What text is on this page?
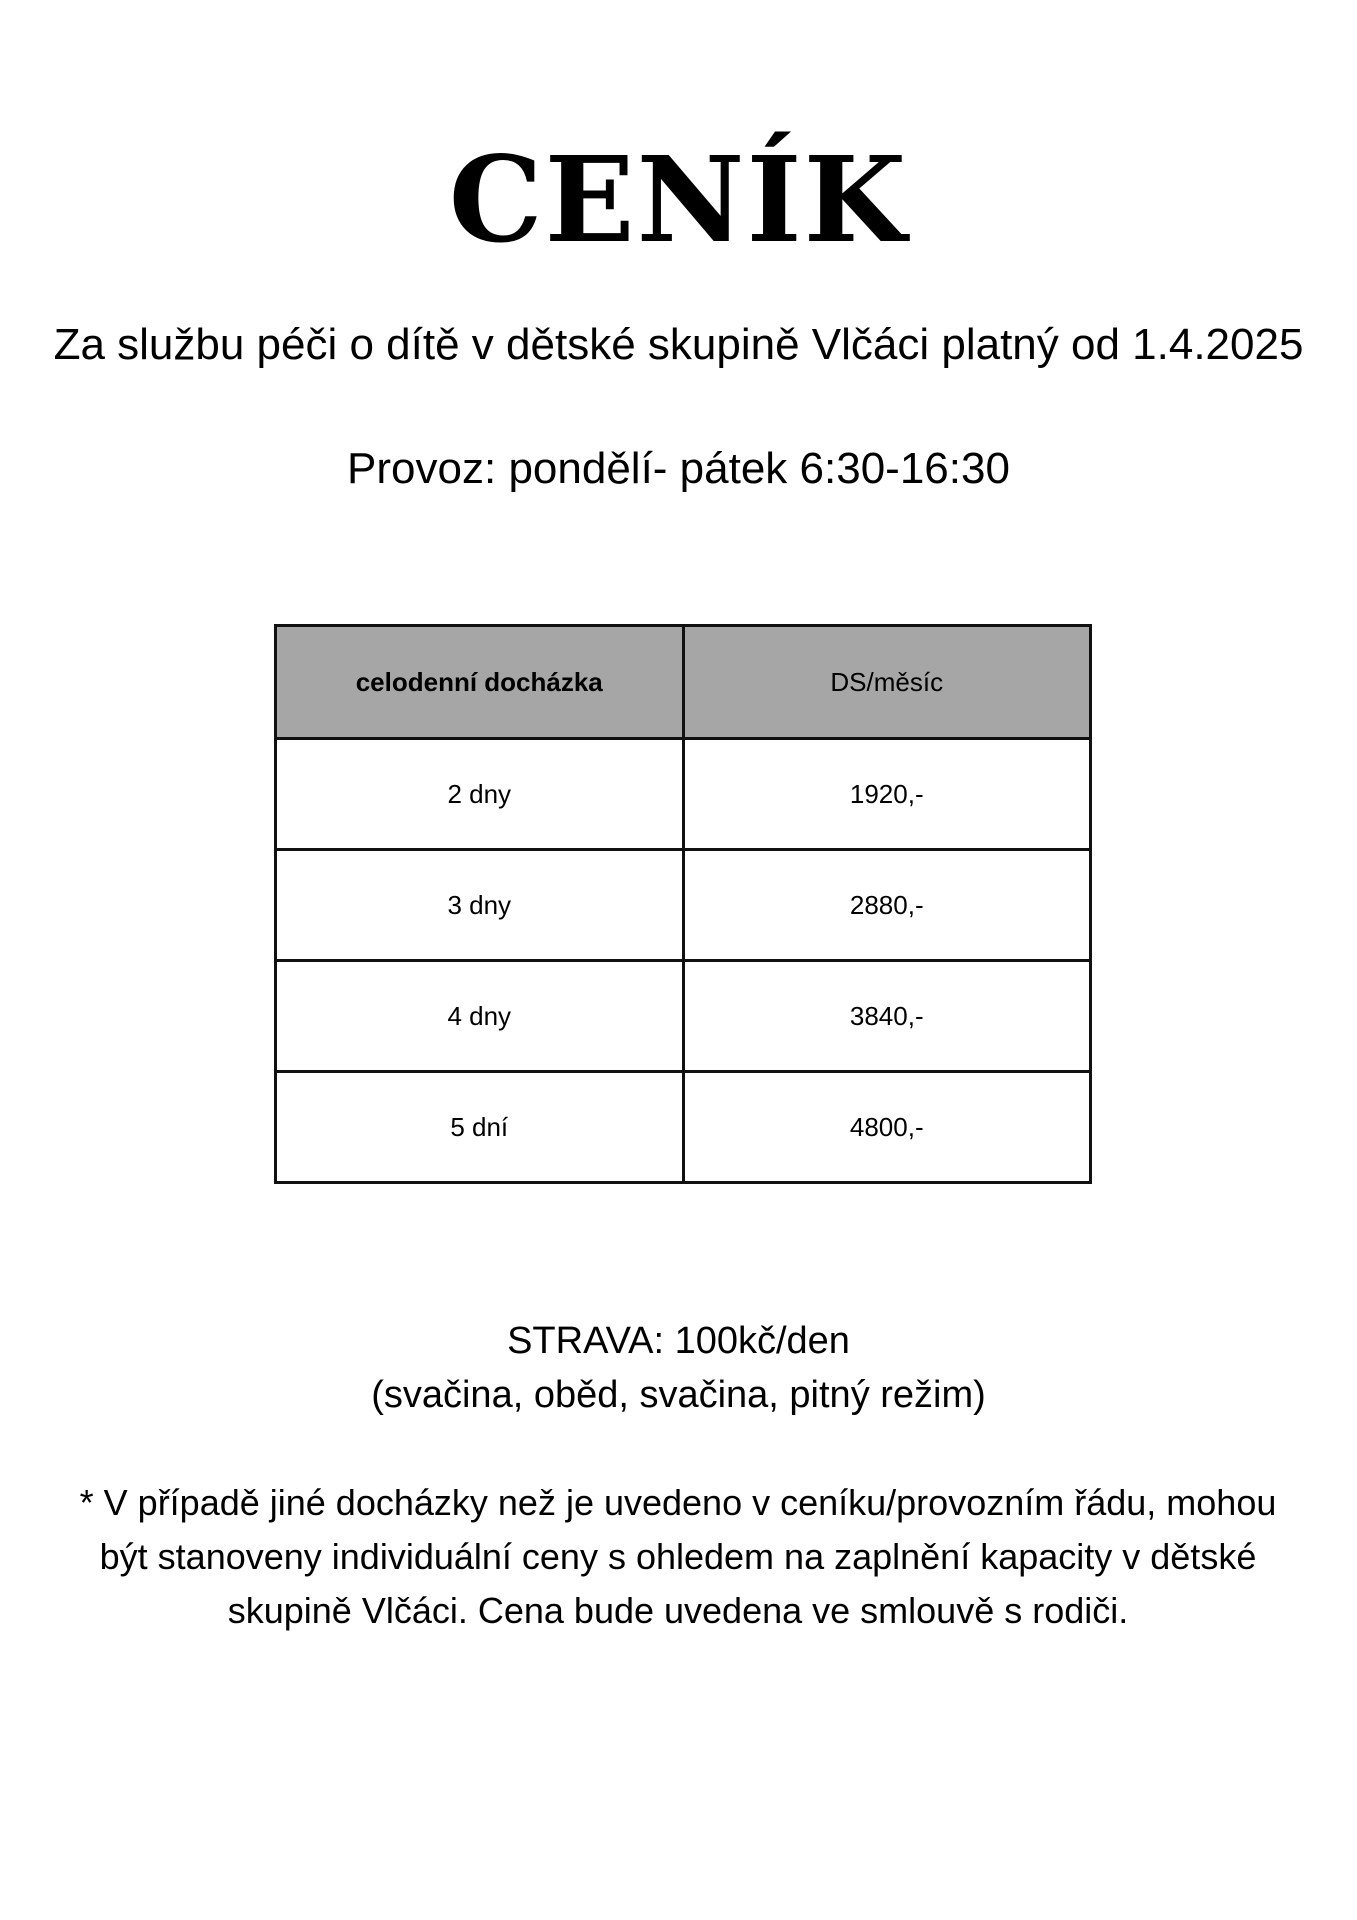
CENÍK
Za službu péči o dítě v dětské skupině Vlčáci platný od 1.4.2025
Provoz: pondělí- pátek 6:30-16:30
celodenní docházka	DS/měsíc
2 dny	1920,-
3 dny	2880,-
4 dny	3840,-
5 dní	4800,-
STRAVA: 100kč/den
(svačina, oběd, svačina, pitný režim)
* V případě jiné docházky než je uvedeno v ceníku/provozním řádu, mohou být stanoveny individuální ceny s ohledem na zaplnění kapacity v dětské skupině Vlčáci. Cena bude uvedena ve smlouvě s rodiči.
